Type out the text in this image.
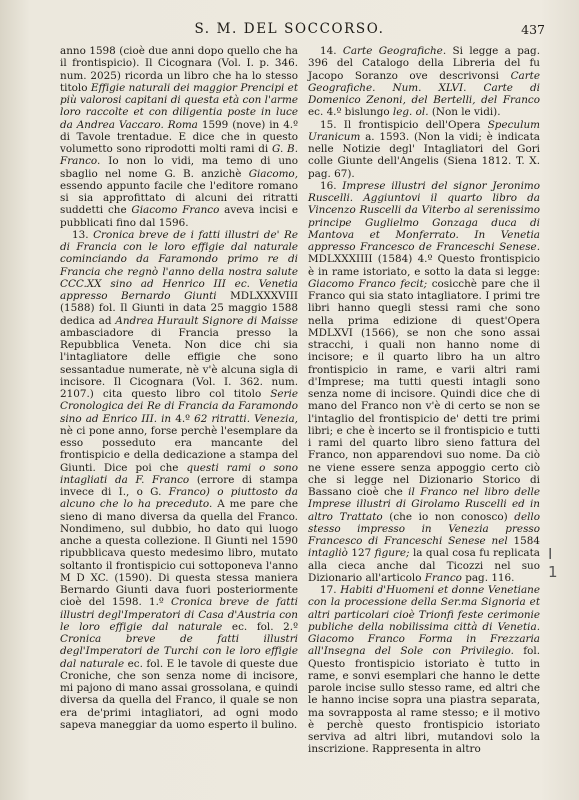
S. M. DEL SOCCORSO.	437

anno 1598 (cioè due anni dopo quello che ha il frontispicio). Il Cicognara (Vol. I. p. 346. num. 2025) ricorda un libro che ha lo stesso titolo Effigie naturali dei maggior Prencipi et più valorosi capitani di questa età con l'arme loro raccolte et con diligentia poste in luce da Andrea Vaccaro. Roma 1599 (nove) in 4.º di Tavole trentadue. E dice che in questo volumetto sono riprodotti molti rami di G. B. Franco. Io non lo vidi, ma temo di uno sbaglio nel nome G. B. anzichè Giacomo, essendo appunto facile che l'editore romano si sia approfittato di alcuni dei ritratti suddetti che Giacomo Franco aveva incisi e pubblicati fino dal 1596.

13. Cronica breve de i fatti illustri de' Re di Francia con le loro effigie dal naturale cominciando da Faramondo primo re di Francia che regnò l'anno della nostra salute CCC.XX sino ad Henrico III ec. Venetia appresso Bernardo Giunti MDLXXXVIII (1588) fol. Il Giunti in data 25 maggio 1588 dedica ad Andrea Hurault Signore di Maisse ambasciadore di Francia presso la Repubblica Veneta. Non dice chi sia l'intagliatore delle effigie che sono sessantadue numerate, nè v'è alcuna sigla di incisore. Il Cicognara (Vol. I. 362. num. 2107.) cita questo libro col titolo Serie Cronologica dei Re di Francia da Faramondo sino ad Enrico III. in 4.º 62 ritratti. Venezia, nè ci pone anno, forse perchè l'esemplare da esso posseduto era mancante del frontispicio e della dedicazione a stampa del Giunti. Dice poi che questi rami o sono intagliati da F. Franco (errore di stampa invece di I., o G. Franco) o piuttosto da alcuno che lo ha preceduto. A me pare che sieno di mano diversa da quella del Franco. Nondimeno, sul dubbio, ho dato qui luogo anche a questa collezione. Il Giunti nel 1590 ripubblicava questo medesimo libro, mutato soltanto il frontispicio cui sottoponeva l'anno M D XC. (1590). Di questa stessa maniera Bernardo Giunti dava fuori posteriormente cioè del 1598. 1.º Cronica breve de fatti illustri degl'Imperatori di Casa d'Austria con le loro effigie dal naturale ec. fol. 2.º Cronica breve de fatti illustri degl'Imperatori de Turchi con le loro effigie dal naturale ec. fol. E le tavole di queste due Croniche, che son senza nome di incisore, mi pajono di mano assai grossolana, e quindi diversa da quella del Franco, il quale se non era de'primi intagliatori, ad ogni modo sapeva maneggiar da uomo esperto il bulino.

14. Carte Geografiche. Si legge a pag. 396 del Catalogo della Libreria del fu Jacopo Soranzo ove descrivonsi Carte Geografiche. Num. XLVI. Carte di Domenico Zenoni, del Bertelli, del Franco ec. 4.º bislungo leg. ol. (Non le vidi).

15. Il frontispicio dell'Opera Speculum Uranicum a. 1593. (Non la vidi; è indicata nelle Notizie degl' Intagliatori del Gori colle Giunte dell'Angelis (Siena 1812. T. X. pag. 67).

16. Imprese illustri del signor Jeronimo Ruscelli. Aggiuntovi il quarto libro da Vincenzo Ruscelli da Viterbo al serenissimo principe Guglielmo Gonzaga duca di Mantova et Monferrato. In Venetia appresso Francesco de Franceschi Senese. MDLXXXIIII (1584) 4.º Questo frontispicio è in rame istoriato, e sotto la data si legge: Giacomo Franco fecit; cosicchè pare che il Franco qui sia stato intagliatore. I primi tre libri hanno quegli stessi rami che sono nella prima edizione di quest'Opera MDLXVI (1566), se non che sono assai stracchi, i quali non hanno nome di incisore; e il quarto libro ha un altro frontispicio in rame, e varii altri rami d'Imprese; ma tutti questi intagli sono senza nome di incisore. Quindi dice che di mano del Franco non v'è di certo se non se l'intaglio del frontispicio de' detti tre primi libri; e che è incerto se il frontispicio e tutti i rami del quarto libro sieno fattura del Franco, non apparendovi suo nome. Da ciò ne viene essere senza appoggio certo ciò che si legge nel Dizionario Storico di Bassano cioè che il Franco nel libro delle Imprese illustri di Girolamo Ruscelli ed in altro Trattato (che io non conosco) dello stesso impresso in Venezia presso Francesco di Franceschi Senese nel 1584 intagliò 127 figure; la qual cosa fu replicata alla cieca anche dal Ticozzi nel suo Dizionario all'articolo Franco pag. 116.

17. Habiti d'Huomeni et donne Venetiane con la processione della Ser.ma Signoria et altri particolari cioè Trionfi feste cerimonie publiche della nobilissima città di Venetia. Giacomo Franco Forma in Frezzaria all'Insegna del Sole con Privilegio. fol. Questo frontispicio istoriato è tutto in rame, e sonvi esemplari che hanno le dette parole incise sullo stesso rame, ed altri che le hanno incise sopra una piastra separata, ma sovrapposta al rame stesso; e il motivo è perchè questo frontispicio istoriato serviva ad altri libri, mutandovi solo la inscrizione. Rappresenta in altro

I 1
